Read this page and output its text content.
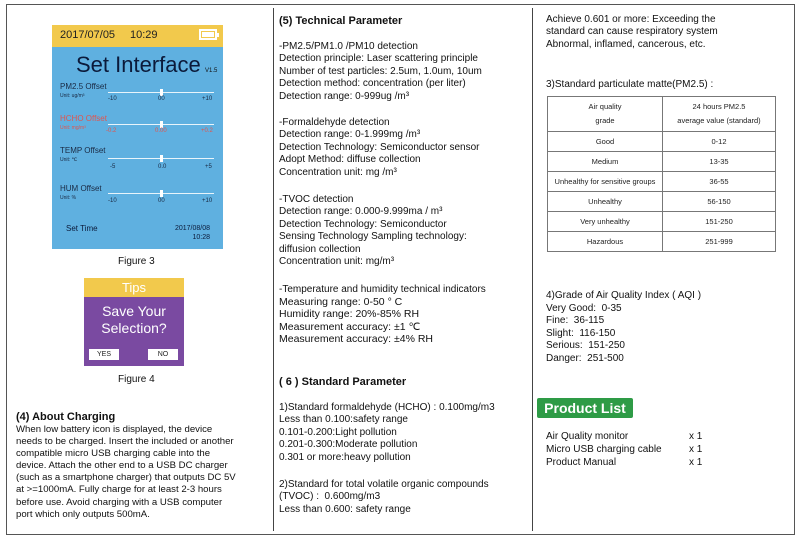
2017/07/05 10:29
Set Interface V1.5
PM2.5 Offset
Unit: ug/m³	-10	00	+10
HCHO Offset
Unit: mg/m³	-0.2	0.00	+0.2
TEMP Offset
Unit: ℃
-5	0.0	+5
HUM Offset
Unit: %	-10	00	+10
Set Time	2017/08/08
10:28
Figure 3
Tips
Save Your
Selection?
YES	NO
Figure 4
(4) About Charging
When low battery icon is displayed, the device
needs to be charged. Insert the included or another
compatible micro USB charging cable into the
device. Attach the other end to a USB DC charger
(such as a smartphone charger) that outputs DC 5V
at >=1000mA. Fully charge for at least 2-3 hours
before use. Avoid charging with a USB computer
port which only outputs 500mA.
(5) Technical Parameter
-PM2.5/PM1.0 /PM10 detection
Detection principle: Laser scattering principle
Number of test particles: 2.5um, 1.0um, 10um
Detection method: concentration (per liter)
Detection range: 0-999ug /m³
-Formaldehyde detection
Detection range: 0-1.999mg /m³
Detection Technology: Semiconductor sensor
Adopt Method: diffuse collection
Concentration unit: mg /m³
-TVOC detection
Detection range: 0.000-9.999ma / m³
Detection Technology: Semiconductor
Sensing Technology Sampling technology:
diffusion collection
Concentration unit: mg/m³
-Temperature and humidity technical indicators
Measuring range: 0-50 ° C
Humidity range: 20%-85% RH
Measurement accuracy: ±1 ℃
Measurement accuracy: ±4% RH
( 6 ) Standard Parameter
1)Standard formaldehyde (HCHO) : 0.100mg/m3
Less than 0.100:safety range
0.101-0.200:Light pollution
0.201-0.300:Moderate pollution
0.301 or more:heavy pollution
2)Standard for total volatile organic compounds
(TVOC) :  0.600mg/m3
Less than 0.600: safety range
Achieve 0.601 or more: Exceeding the
standard can cause respiratory system
Abnormal, inflamed, cancerous, etc.
3)Standard particulate matte(PM2.5) :
Air quality
grade	24 hours PM2.5
average value (standard)
Good	0-12
Medium	13-35
Unhealthy for sensitive groups	36-55
Unhealthy	56-150
Very unhealthy	151-250
Hazardous	251-999
4)Grade of Air Quality Index ( AQI )
Very Good:  0-35
Fine:  36-115
Slight:  116-150
Serious:  151-250
Danger:  251-500
Product List
Air Quality monitor	x 1
Micro USB charging cable	x 1
Product Manual	x 1
